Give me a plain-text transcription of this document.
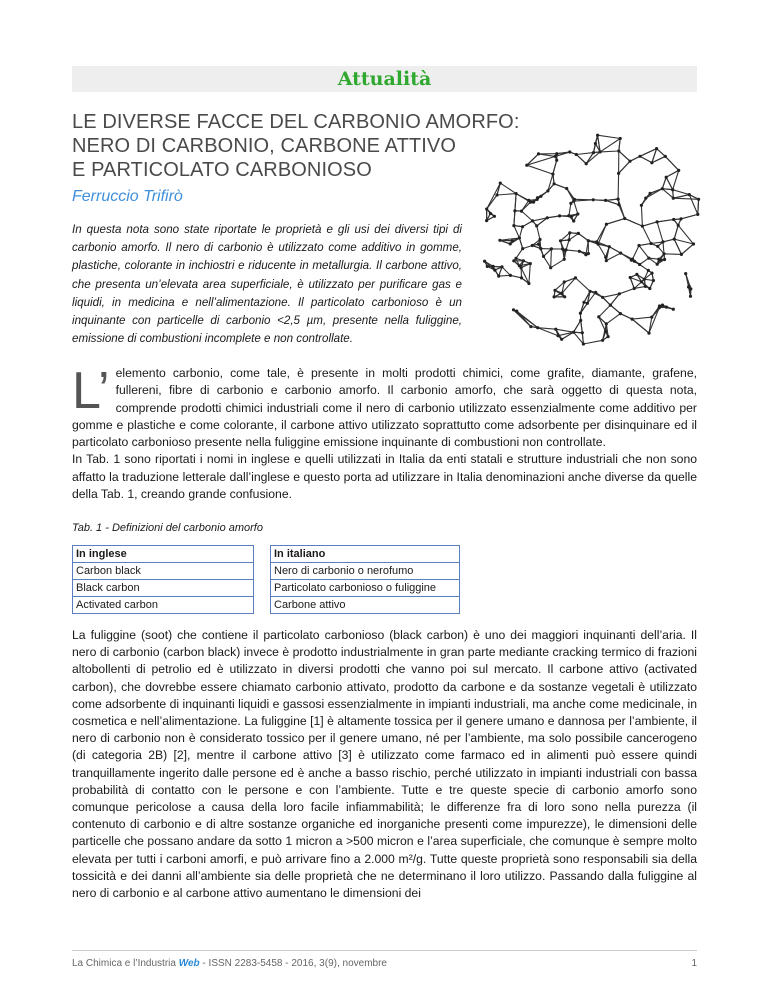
Attualità
LE DIVERSE FACCE DEL CARBONIO AMORFO:
NERO DI CARBONIO, CARBONE ATTIVO
E PARTICOLATO CARBONIOSO
Ferruccio Trifirò

In questa nota sono state riportate le proprietà e gli usi dei diversi tipi di carbonio amorfo. Il nero di carbonio è utilizzato come additivo in gomme, plastiche, colorante in inchiostri e riducente in metallurgia. Il carbone attivo, che presenta un’elevata area superficiale, è utilizzato per purificare gas e liquidi, in medicina e nell’alimentazione. Il particolato carbonioso è un inquinante con particelle di carbonio <2,5 µm, presente nella fuliggine, emissione di combustioni incomplete e non controllate.

L’ elemento carbonio, come tale, è presente in molti prodotti chimici, come grafite, diamante, grafene, fullereni, fibre di carbonio e carbonio amorfo. Il carbonio amorfo, che sarà oggetto di questa nota, comprende prodotti chimici industriali come il nero di carbonio utilizzato essenzialmente come additivo per gomme e plastiche e come colorante, il carbone attivo utilizzato soprattutto come adsorbente per disinquinare ed il particolato carbonioso presente nella fuliggine emissione inquinante di combustioni non controllate.

In Tab. 1 sono riportati i nomi in inglese e quelli utilizzati in Italia da enti statali e strutture industriali che non sono affatto la traduzione letterale dall’inglese e questo porta ad utilizzare in Italia denominazioni anche diverse da quelle della Tab. 1, creando grande confusione.

Tab. 1 - Definizioni del carbonio amorfo
In inglese		In italiano
Carbon black		Nero di carbonio o nerofumo
Black carbon		Particolato carbonioso o fuliggine
Activated carbon		Carbone attivo

La fuliggine (soot) che contiene il particolato carbonioso (black carbon) è uno dei maggiori inquinanti dell’aria. Il nero di carbonio (carbon black) invece è prodotto industrialmente in gran parte mediante cracking termico di frazioni altobollenti di petrolio ed è utilizzato in diversi prodotti che vanno poi sul mercato. Il carbone attivo (activated carbon), che dovrebbe essere chiamato carbonio attivato, prodotto da carbone e da sostanze vegetali è utilizzato come adsorbente di inquinanti liquidi e gassosi essenzialmente in impianti industriali, ma anche come medicinale, in cosmetica e nell’alimentazione. La fuliggine [1] è altamente tossica per il genere umano e dannosa per l’ambiente, il nero di carbonio non è considerato tossico per il genere umano, né per l’ambiente, ma solo possibile cancerogeno (di categoria 2B) [2], mentre il carbone attivo [3] è utilizzato come farmaco ed in alimenti può essere quindi tranquillamente ingerito dalle persone ed è anche a basso rischio, perché utilizzato in impianti industriali con bassa probabilità di contatto con le persone e con l’ambiente. Tutte e tre queste specie di carbonio amorfo sono comunque pericolose a causa della loro facile infiammabilità; le differenze fra di loro sono nella purezza (il contenuto di carbonio e di altre sostanze organiche ed inorganiche presenti come impurezze), le dimensioni delle particelle che possano andare da sotto 1 micron a >500 micron e l’area superficiale, che comunque è sempre molto elevata per tutti i carboni amorfi, e può arrivare fino a 2.000 m²/g. Tutte queste proprietà sono responsabili sia della tossicità e dei danni all’ambiente sia delle proprietà che ne determinano il loro utilizzo. Passando dalla fuliggine al nero di carbonio e al carbone attivo aumentano le dimensioni dei

La Chimica e l’Industria Web - ISSN 2283-5458 - 2016, 3(9), novembre	1
